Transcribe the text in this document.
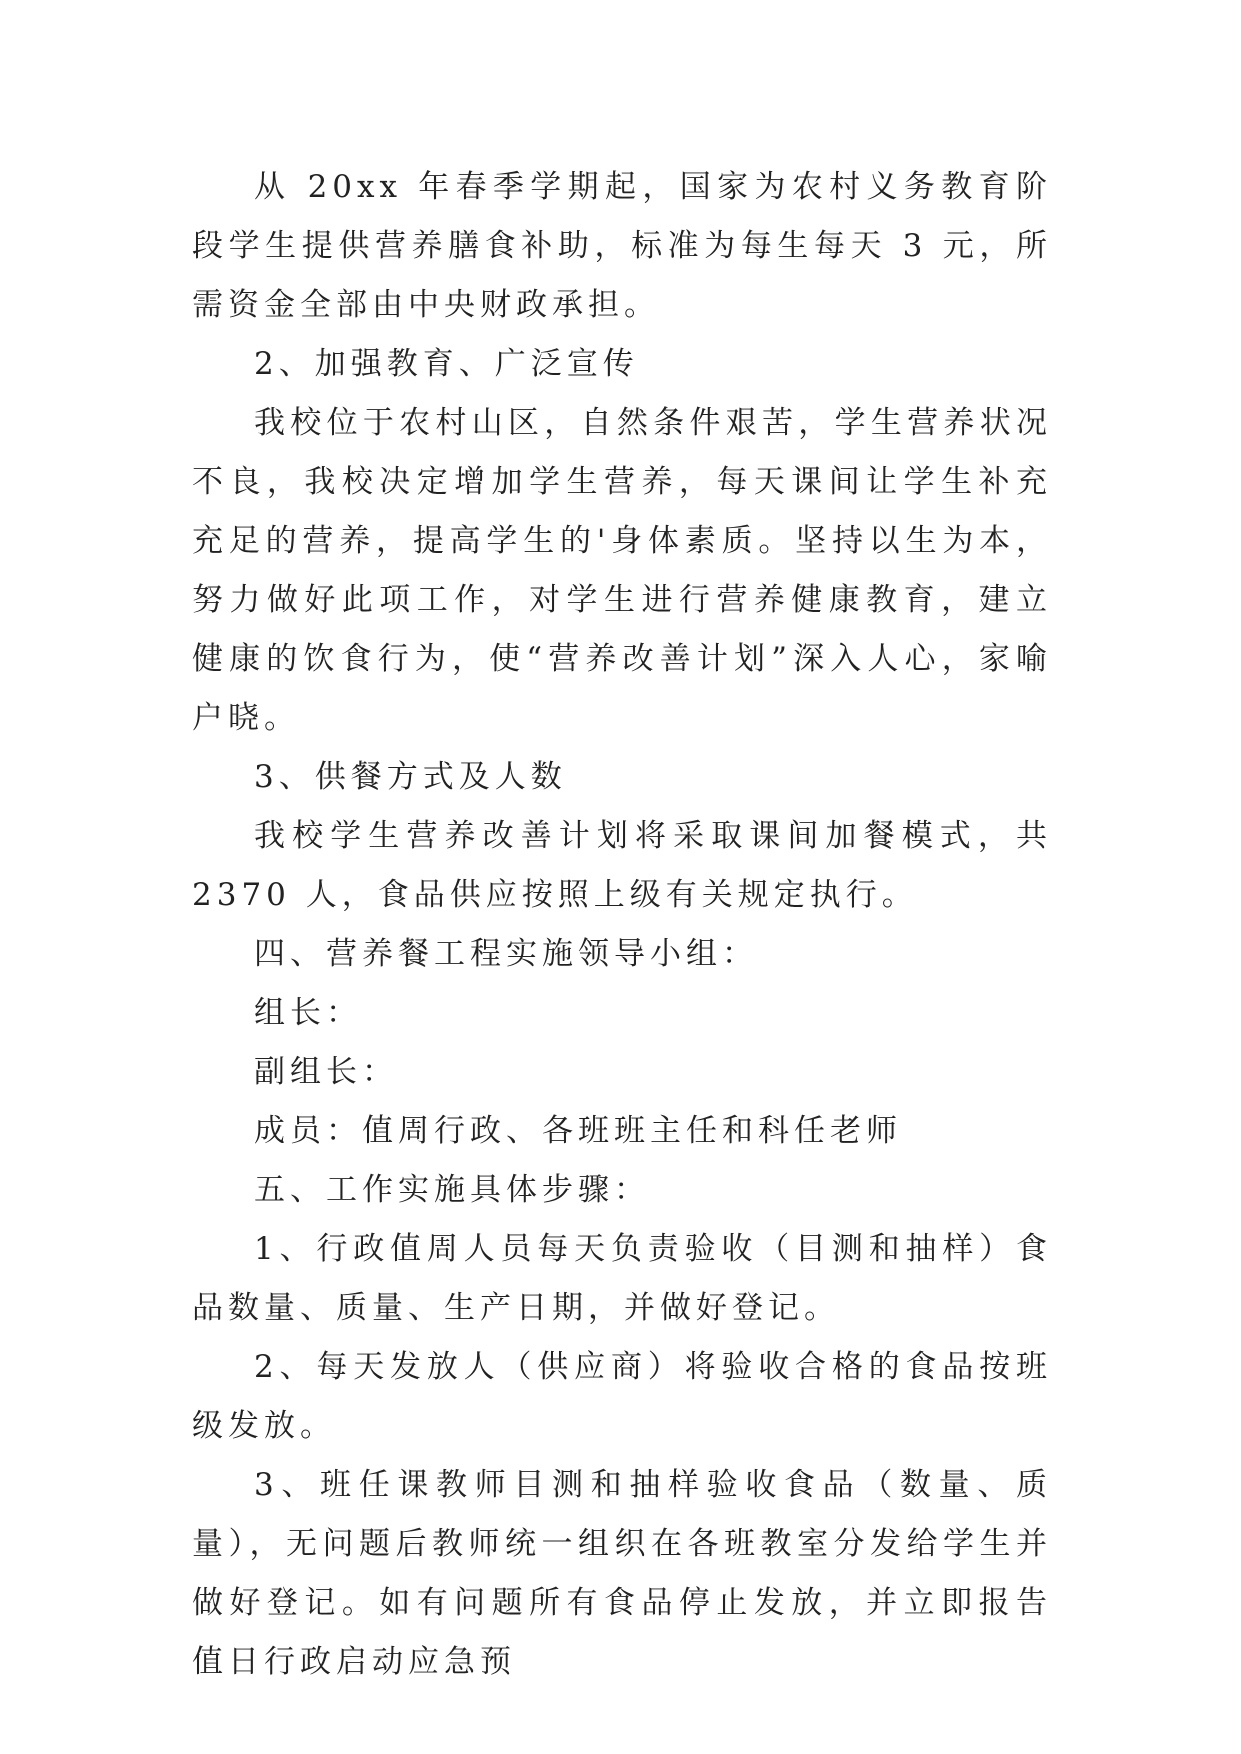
从 20xx 年春季学期起，国家为农村义务教育阶段学生提供营养膳食补助，标准为每生每天 3 元，所需资金全部由中央财政承担。

2、加强教育、广泛宣传

我校位于农村山区，自然条件艰苦，学生营养状况不良，我校决定增加学生营养，每天课间让学生补充充足的营养，提高学生的'身体素质。坚持以生为本，努力做好此项工作，对学生进行营养健康教育，建立健康的饮食行为，使“营养改善计划”深入人心，家喻户晓。

3、供餐方式及人数

我校学生营养改善计划将采取课间加餐模式，共 2370 人，食品供应按照上级有关规定执行。

四、营养餐工程实施领导小组：

组长：

副组长：

成员：值周行政、各班班主任和科任老师

五、工作实施具体步骤：

1、行政值周人员每天负责验收（目测和抽样）食品数量、质量、生产日期，并做好登记。

2、每天发放人（供应商）将验收合格的食品按班级发放。

3、班任课教师目测和抽样验收食品（数量、质量），无问题后教师统一组织在各班教室分发给学生并做好登记。如有问题所有食品停止发放，并立即报告值日行政启动应急预
